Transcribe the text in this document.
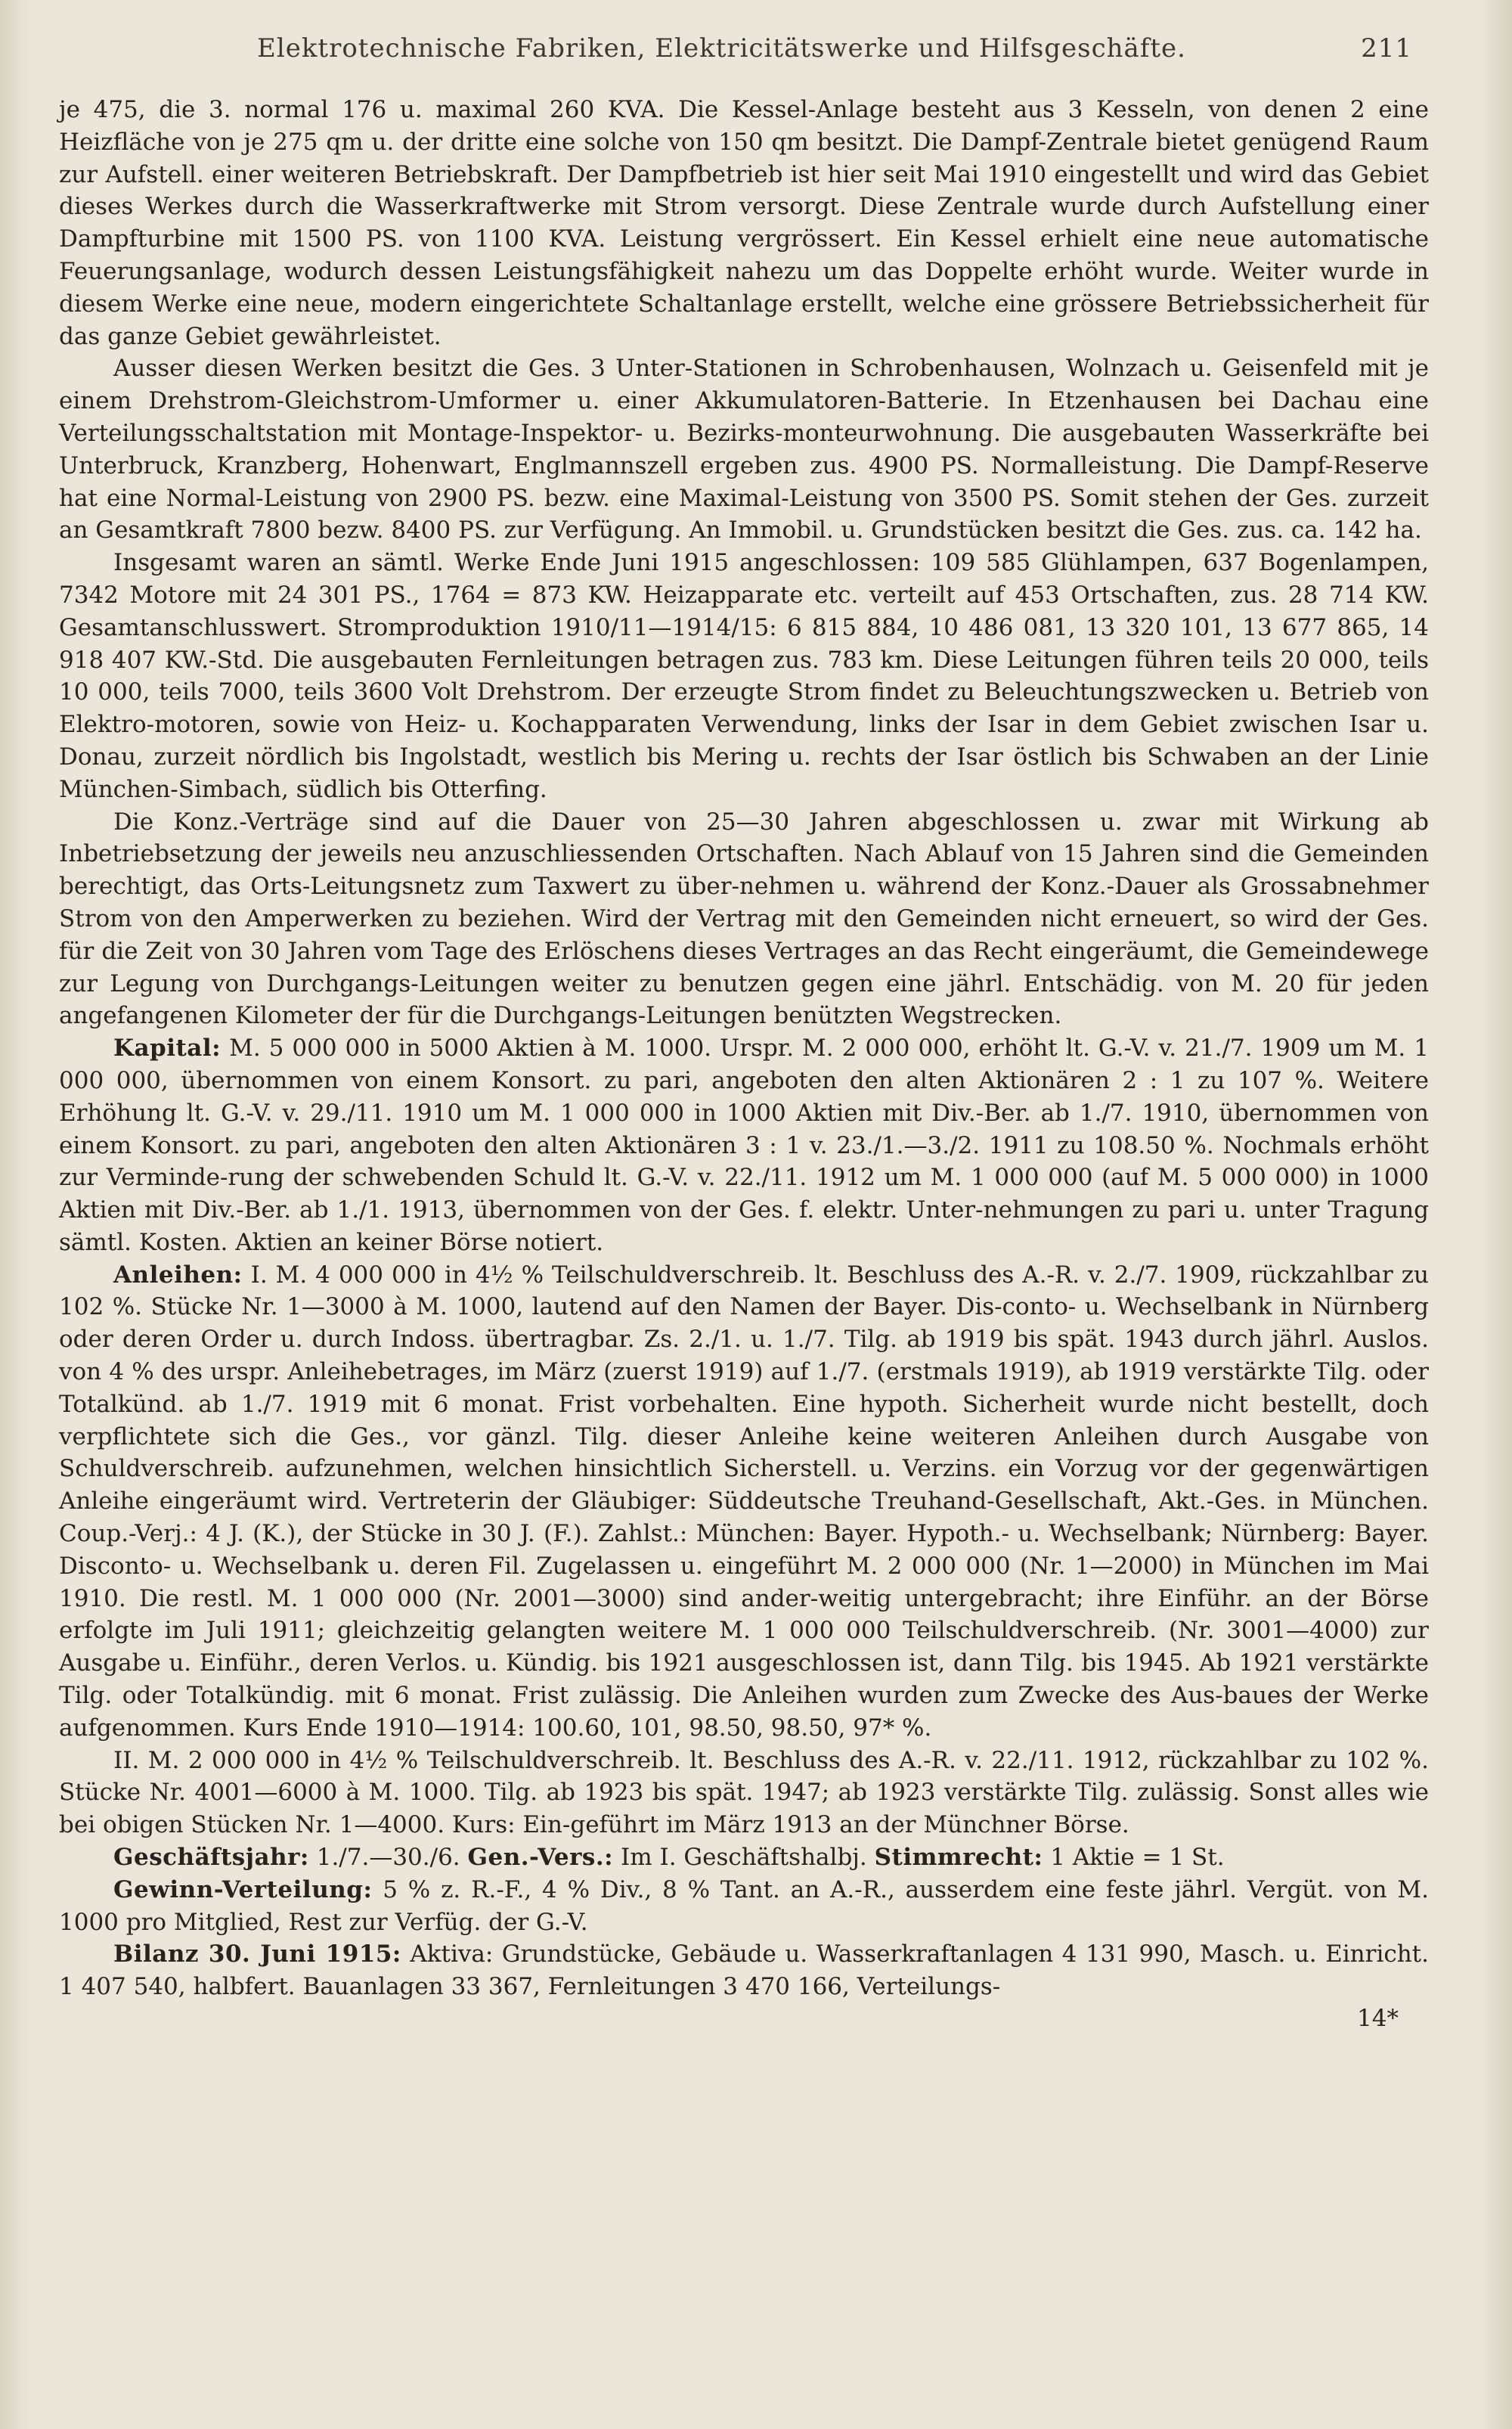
Elektrotechnische Fabriken, Elektricitätswerke und Hilfsgeschäfte.	211

je 475, die 3. normal 176 u. maximal 260 KVA. Die Kessel-Anlage besteht aus 3 Kesseln, von denen 2 eine Heizfläche von je 275 qm u. der dritte eine solche von 150 qm besitzt. Die Dampf-Zentrale bietet genügend Raum zur Aufstell. einer weiteren Betriebskraft. Der Dampfbetrieb ist hier seit Mai 1910 eingestellt und wird das Gebiet dieses Werkes durch die Wasserkraftwerke mit Strom versorgt. Diese Zentrale wurde durch Aufstellung einer Dampfturbine mit 1500 PS. von 1100 KVA. Leistung vergrössert. Ein Kessel erhielt eine neue automatische Feuerungsanlage, wodurch dessen Leistungsfähigkeit nahezu um das Doppelte erhöht wurde. Weiter wurde in diesem Werke eine neue, modern eingerichtete Schaltanlage erstellt, welche eine grössere Betriebssicherheit für das ganze Gebiet gewährleistet.

Ausser diesen Werken besitzt die Ges. 3 Unter-Stationen in Schrobenhausen, Wolnzach u. Geisenfeld mit je einem Drehstrom-Gleichstrom-Umformer u. einer Akkumulatoren-Batterie. In Etzenhausen bei Dachau eine Verteilungsschaltstation mit Montage-Inspektor- u. Bezirks-monteurwohnung. Die ausgebauten Wasserkräfte bei Unterbruck, Kranzberg, Hohenwart, Englmannszell ergeben zus. 4900 PS. Normalleistung. Die Dampf-Reserve hat eine Normal-Leistung von 2900 PS. bezw. eine Maximal-Leistung von 3500 PS. Somit stehen der Ges. zurzeit an Gesamtkraft 7800 bezw. 8400 PS. zur Verfügung. An Immobil. u. Grundstücken besitzt die Ges. zus. ca. 142 ha.

Insgesamt waren an sämtl. Werke Ende Juni 1915 angeschlossen: 109 585 Glühlampen, 637 Bogenlampen, 7342 Motore mit 24 301 PS., 1764 = 873 KW. Heizapparate etc. verteilt auf 453 Ortschaften, zus. 28 714 KW. Gesamtanschlusswert. Stromproduktion 1910/11—1914/15: 6 815 884, 10 486 081, 13 320 101, 13 677 865, 14 918 407 KW.-Std. Die ausgebauten Fernleitungen betragen zus. 783 km. Diese Leitungen führen teils 20 000, teils 10 000, teils 7000, teils 3600 Volt Drehstrom. Der erzeugte Strom findet zu Beleuchtungszwecken u. Betrieb von Elektro-motoren, sowie von Heiz- u. Kochapparaten Verwendung, links der Isar in dem Gebiet zwischen Isar u. Donau, zurzeit nördlich bis Ingolstadt, westlich bis Mering u. rechts der Isar östlich bis Schwaben an der Linie München-Simbach, südlich bis Otterfing.

Die Konz.-Verträge sind auf die Dauer von 25—30 Jahren abgeschlossen u. zwar mit Wirkung ab Inbetriebsetzung der jeweils neu anzuschliessenden Ortschaften. Nach Ablauf von 15 Jahren sind die Gemeinden berechtigt, das Orts-Leitungsnetz zum Taxwert zu über-nehmen u. während der Konz.-Dauer als Grossabnehmer Strom von den Amperwerken zu beziehen. Wird der Vertrag mit den Gemeinden nicht erneuert, so wird der Ges. für die Zeit von 30 Jahren vom Tage des Erlöschens dieses Vertrages an das Recht eingeräumt, die Gemeindewege zur Legung von Durchgangs-Leitungen weiter zu benutzen gegen eine jährl. Entschädig. von M. 20 für jeden angefangenen Kilometer der für die Durchgangs-Leitungen benützten Wegstrecken.

Kapital: M. 5 000 000 in 5000 Aktien à M. 1000. Urspr. M. 2 000 000, erhöht lt. G.-V. v. 21./7. 1909 um M. 1 000 000, übernommen von einem Konsort. zu pari, angeboten den alten Aktionären 2 : 1 zu 107 %. Weitere Erhöhung lt. G.-V. v. 29./11. 1910 um M. 1 000 000 in 1000 Aktien mit Div.-Ber. ab 1./7. 1910, übernommen von einem Konsort. zu pari, angeboten den alten Aktionären 3 : 1 v. 23./1.—3./2. 1911 zu 108.50 %. Nochmals erhöht zur Verminde-rung der schwebenden Schuld lt. G.-V. v. 22./11. 1912 um M. 1 000 000 (auf M. 5 000 000) in 1000 Aktien mit Div.-Ber. ab 1./1. 1913, übernommen von der Ges. f. elektr. Unter-nehmungen zu pari u. unter Tragung sämtl. Kosten. Aktien an keiner Börse notiert.

Anleihen: I. M. 4 000 000 in 4½ % Teilschuldverschreib. lt. Beschluss des A.-R. v. 2./7. 1909, rückzahlbar zu 102 %. Stücke Nr. 1—3000 à M. 1000, lautend auf den Namen der Bayer. Dis-conto- u. Wechselbank in Nürnberg oder deren Order u. durch Indoss. übertragbar. Zs. 2./1. u. 1./7. Tilg. ab 1919 bis spät. 1943 durch jährl. Auslos. von 4 % des urspr. Anleihebetrages, im März (zuerst 1919) auf 1./7. (erstmals 1919), ab 1919 verstärkte Tilg. oder Totalkünd. ab 1./7. 1919 mit 6 monat. Frist vorbehalten. Eine hypoth. Sicherheit wurde nicht bestellt, doch verpflichtete sich die Ges., vor gänzl. Tilg. dieser Anleihe keine weiteren Anleihen durch Ausgabe von Schuldverschreib. aufzunehmen, welchen hinsichtlich Sicherstell. u. Verzins. ein Vorzug vor der gegenwärtigen Anleihe eingeräumt wird. Vertreterin der Gläubiger: Süddeutsche Treuhand-Gesellschaft, Akt.-Ges. in München. Coup.-Verj.: 4 J. (K.), der Stücke in 30 J. (F.). Zahlst.: München: Bayer. Hypoth.- u. Wechselbank; Nürnberg: Bayer. Disconto- u. Wechselbank u. deren Fil. Zugelassen u. eingeführt M. 2 000 000 (Nr. 1—2000) in München im Mai 1910. Die restl. M. 1 000 000 (Nr. 2001—3000) sind ander-weitig untergebracht; ihre Einführ. an der Börse erfolgte im Juli 1911; gleichzeitig gelangten weitere M. 1 000 000 Teilschuldverschreib. (Nr. 3001—4000) zur Ausgabe u. Einführ., deren Verlos. u. Kündig. bis 1921 ausgeschlossen ist, dann Tilg. bis 1945. Ab 1921 verstärkte Tilg. oder Totalkündig. mit 6 monat. Frist zulässig. Die Anleihen wurden zum Zwecke des Aus-baues der Werke aufgenommen. Kurs Ende 1910—1914: 100.60, 101, 98.50, 98.50, 97* %.

II. M. 2 000 000 in 4½ % Teilschuldverschreib. lt. Beschluss des A.-R. v. 22./11. 1912, rückzahlbar zu 102 %. Stücke Nr. 4001—6000 à M. 1000. Tilg. ab 1923 bis spät. 1947; ab 1923 verstärkte Tilg. zulässig. Sonst alles wie bei obigen Stücken Nr. 1—4000. Kurs: Ein-geführt im März 1913 an der Münchner Börse.

Geschäftsjahr: 1./7.—30./6. Gen.-Vers.: Im I. Geschäftshalbj. Stimmrecht: 1 Aktie = 1 St.

Gewinn-Verteilung: 5 % z. R.-F., 4 % Div., 8 % Tant. an A.-R., ausserdem eine feste jährl. Vergüt. von M. 1000 pro Mitglied, Rest zur Verfüg. der G.-V.

Bilanz 30. Juni 1915: Aktiva: Grundstücke, Gebäude u. Wasserkraftanlagen 4 131 990, Masch. u. Einricht. 1 407 540, halbfert. Bauanlagen 33 367, Fernleitungen 3 470 166, Verteilungs-

14*
